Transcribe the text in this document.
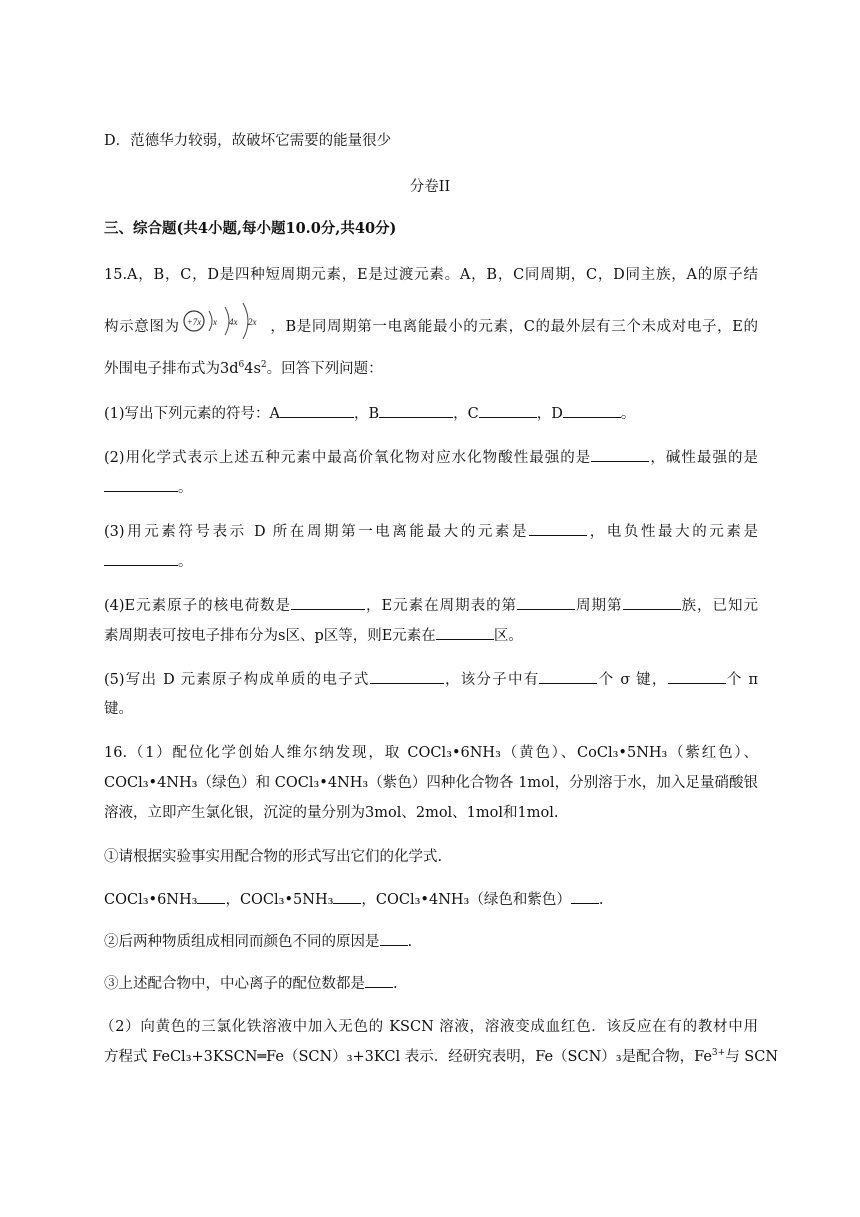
D．范德华力较弱，故破坏它需要的能量很少
分卷II
三、综合题(共4小题,每小题10.0分,共40分)
15.A，B，C，D是四种短周期元素，E是过渡元素。A，B，C同周期，C，D同主族，A的原子结
构示意图为 +7x x 4x 2x ，B是同周期第一电离能最小的元素，C的最外层有三个未成对电子，E的
外围电子排布式为$3d^64s^2$。回答下列问题：
(1)写出下列元素的符号：A	，B	，C	，D	。
(2)用化学式表示上述五种元素中最高价氧化物对应水化物酸性最强的是	，碱性最强的是
。
(3)用元素符号表示 D 所在周期第一电离能最大的元素是	，电负性最大的元素是
。
(4)E元素原子的核电荷数是	，E元素在周期表的第	周期第	族，已知元
素周期表可按电子排布分为s区、p区等，则E元素在	区。
(5)写出 D 元素原子构成单质的电子式	，该分子中有	个 σ 键，	个 π
键。
16.（1）配位化学创始人维尔纳发现，取 COCl₃•6NH₃（黄色）、CoCl₃•5NH₃（紫红色）、
COCl₃•4NH₃（绿色）和 COCl₃•4NH₃（紫色）四种化合物各 1mol，分别溶于水，加入足量硝酸银
溶液，立即产生氯化银，沉淀的量分别为3mol、2mol、1mol和1mol.
①请根据实验事实用配合物的形式写出它们的化学式.
COCl₃•6NH₃ ，COCl₃•5NH₃ ，COCl₃•4NH₃（绿色和紫色） .
②后两种物质组成相同而颜色不同的原因是 .
③上述配合物中，中心离子的配位数都是 .
（2）向黄色的三氯化铁溶液中加入无色的 KSCN 溶液，溶液变成血红色．该反应在有的教材中用
方程式 FeCl₃+3KSCN═Fe（SCN）₃+3KCl 表示．经研究表明，Fe（SCN）₃是配合物，$Fe^{3+}$与 SCN
